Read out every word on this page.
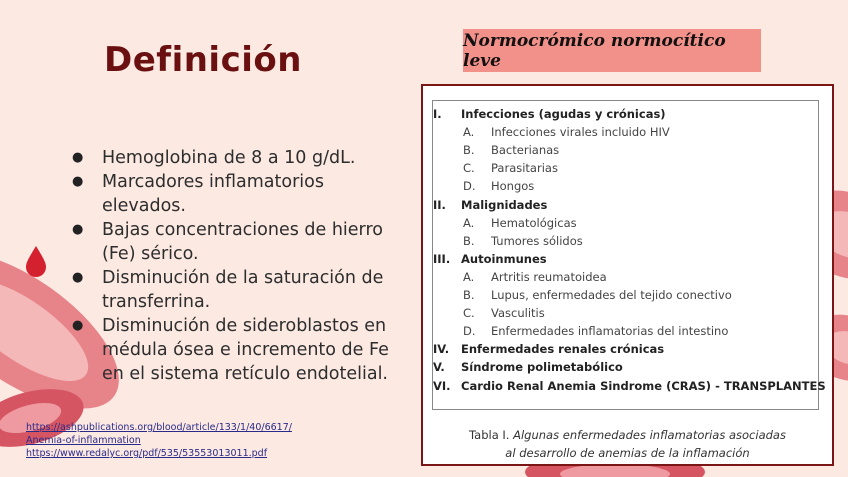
Definición
● Hemoglobina de 8 a 10 g/dL.
● Marcadores inflamatorios elevados.
● Bajas concentraciones de hierro (Fe) sérico.
● Disminución de la saturación de transferrina.
● Disminución de sideroblastos en médula ósea e incremento de Fe en el sistema retículo endotelial.
https://ashpublications.org/blood/article/133/1/40/6617/
Anemia-of-inflammation
https://www.redalyc.org/pdf/535/53553013011.pdf
Normocrómico normocítico leve
I. Infecciones (agudas y crónicas)
A. Infecciones virales incluido HIV
B. Bacterianas
C. Parasitarias
D. Hongos
II. Malignidades
A. Hematológicas
B. Tumores sólidos
III. Autoinmunes
A. Artritis reumatoidea
B. Lupus, enfermedades del tejido conectivo
C. Vasculitis
D. Enfermedades inflamatorias del intestino
IV. Enfermedades renales crónicas
V. Síndrome polimetabólico
VI. Cardio Renal Anemia Sindrome (CRAS) - TRANSPLANTES
Tabla I. Algunas enfermedades inflamatorias asociadas
al desarrollo de anemias de la inflamación
